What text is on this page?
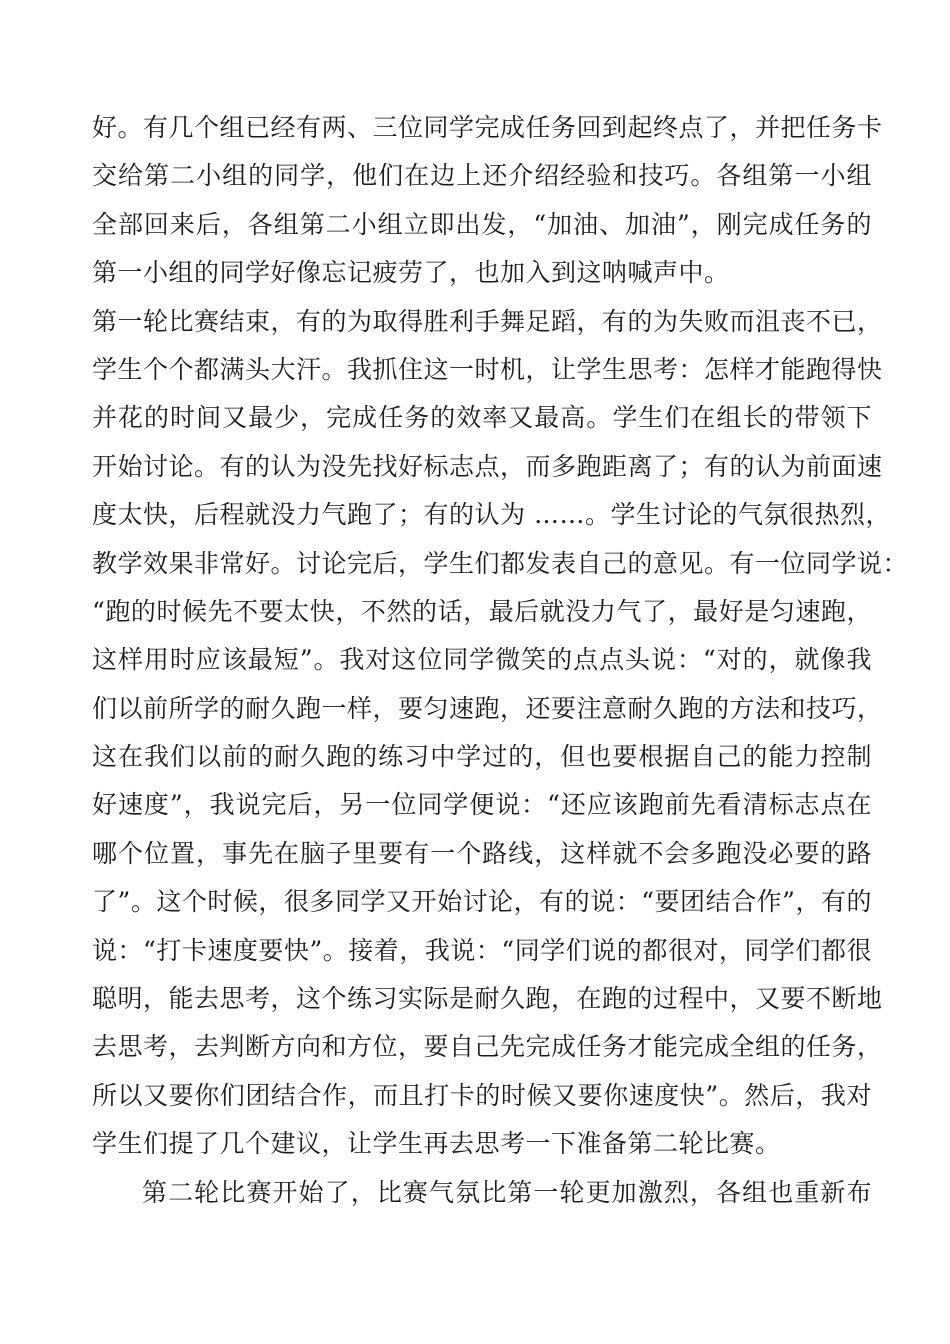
好。有几个组已经有两、三位同学完成任务回到起终点了，并把任务卡
交给第二小组的同学，他们在边上还介绍经验和技巧。各组第一小组
全部回来后，各组第二小组立即出发，“加油、加油”，刚完成任务的
第一小组的同学好像忘记疲劳了，也加入到这呐喊声中。
第一轮比赛结束，有的为取得胜利手舞足蹈，有的为失败而沮丧不已，
学生个个都满头大汗。我抓住这一时机，让学生思考：怎样才能跑得快
并花的时间又最少，完成任务的效率又最高。学生们在组长的带领下
开始讨论。有的认为没先找好标志点，而多跑距离了；有的认为前面速
度太快，后程就没力气跑了；有的认为 ……。学生讨论的气氛很热烈，
教学效果非常好。讨论完后，学生们都发表自己的意见。有一位同学说：
“跑的时候先不要太快，不然的话，最后就没力气了，最好是匀速跑，
这样用时应该最短”。我对这位同学微笑的点点头说：“对的，就像我
们以前所学的耐久跑一样，要匀速跑，还要注意耐久跑的方法和技巧，
这在我们以前的耐久跑的练习中学过的，但也要根据自己的能力控制
好速度”，我说完后，另一位同学便说：“还应该跑前先看清标志点在
哪个位置，事先在脑子里要有一个路线，这样就不会多跑没必要的路
了”。这个时候，很多同学又开始讨论，有的说：“要团结合作”，有的
说：“打卡速度要快”。接着，我说：“同学们说的都很对，同学们都很
聪明，能去思考，这个练习实际是耐久跑，在跑的过程中，又要不断地
去思考，去判断方向和方位，要自己先完成任务才能完成全组的任务，
所以又要你们团结合作，而且打卡的时候又要你速度快”。然后，我对
学生们提了几个建议，让学生再去思考一下准备第二轮比赛。
第二轮比赛开始了，比赛气氛比第一轮更加激烈，各组也重新布
